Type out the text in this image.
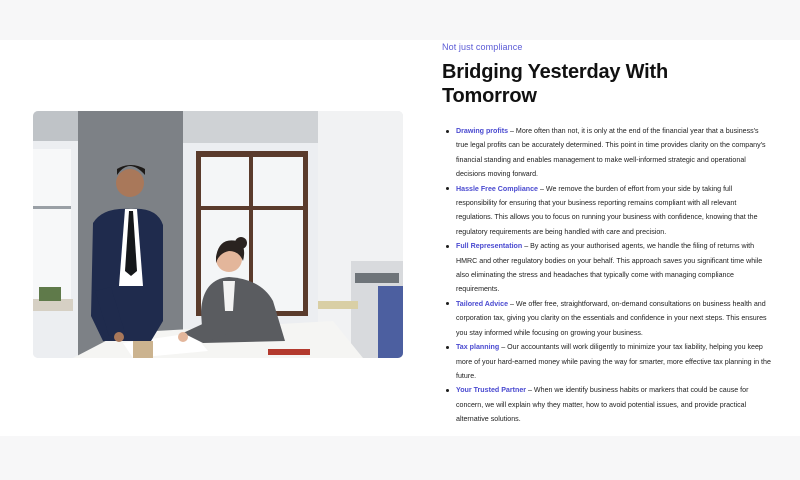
Not just compliance

Bridging Yesterday With
Tomorrow
Drawing profits – More often than not, it is only at the end of the financial year that a business's true legal profits can be accurately determined. This point in time provides clarity on the company's financial standing and enables management to make well-informed strategic and operational decisions moving forward.
Hassle Free Compliance – We remove the burden of effort from your side by taking full responsibility for ensuring that your business reporting remains compliant with all relevant regulations. This allows you to focus on running your business with confidence, knowing that the regulatory requirements are being handled with care and precision.
Full Representation – By acting as your authorised agents, we handle the filing of returns with HMRC and other regulatory bodies on your behalf. This approach saves you significant time while also eliminating the stress and headaches that typically come with managing compliance requirements.
Tailored Advice – We offer free, straightforward, on-demand consultations on business health and corporation tax, giving you clarity on the essentials and confidence in your next steps. This ensures you stay informed while focusing on growing your business.
Tax planning – Our accountants will work diligently to minimize your tax liability, helping you keep more of your hard-earned money while paving the way for smarter, more effective tax planning in the future.
Your Trusted Partner – When we identify business habits or markers that could be cause for concern, we will explain why they matter, how to avoid potential issues, and provide practical alternative solutions.
